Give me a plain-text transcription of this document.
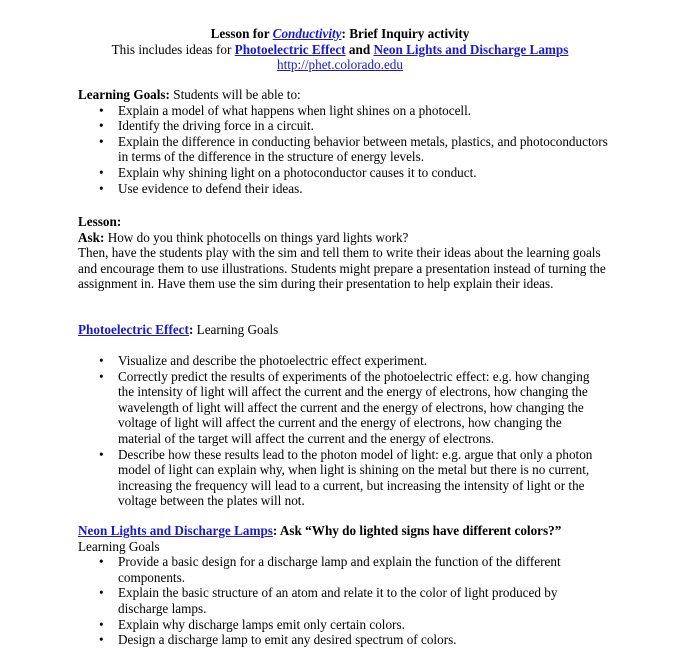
Lesson for Conductivity: Brief Inquiry activity
This includes ideas for Photoelectric Effect and Neon Lights and Discharge Lamps
http://phet.colorado.edu
Learning Goals: Students will be able to:
• Explain a model of what happens when light shines on a photocell.
• Identify the driving force in a circuit.
• Explain the difference in conducting behavior between metals, plastics, and photoconductors in terms of the difference in the structure of energy levels.
• Explain why shining light on a photoconductor causes it to conduct.
• Use evidence to defend their ideas.
Lesson:
Ask: How do you think photocells on things yard lights work?
Then, have the students play with the sim and tell them to write their ideas about the learning goals and encourage them to use illustrations. Students might prepare a presentation instead of turning the assignment in. Have them use the sim during their presentation to help explain their ideas.
Photoelectric Effect: Learning Goals
• Visualize and describe the photoelectric effect experiment.
• Correctly predict the results of experiments of the photoelectric effect: e.g. how changing the intensity of light will affect the current and the energy of electrons, how changing the wavelength of light will affect the current and the energy of electrons, how changing the voltage of light will affect the current and the energy of electrons, how changing the material of the target will affect the current and the energy of electrons.
• Describe how these results lead to the photon model of light: e.g. argue that only a photon model of light can explain why, when light is shining on the metal but there is no current, increasing the frequency will lead to a current, but increasing the intensity of light or the voltage between the plates will not.
Neon Lights and Discharge Lamps: Ask “Why do lighted signs have different colors?”
Learning Goals
• Provide a basic design for a discharge lamp and explain the function of the different components.
• Explain the basic structure of an atom and relate it to the color of light produced by discharge lamps.
• Explain why discharge lamps emit only certain colors.
• Design a discharge lamp to emit any desired spectrum of colors.
